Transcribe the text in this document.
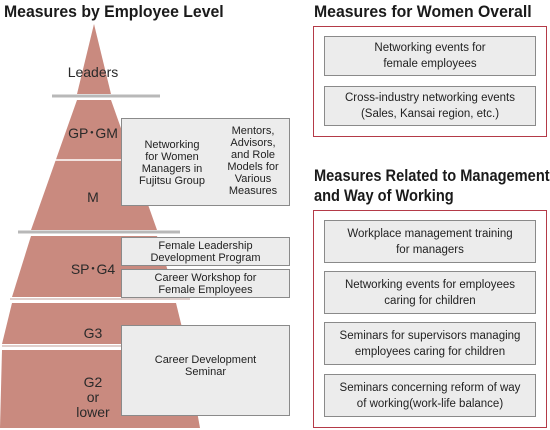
Measures by Employee Level
Leaders
GP･GM
M
SP･G4
G3
G2
or
lower
Networking
for Women
Managers in
Fujitsu Group
Mentors,
Advisors,
and Role
Models for
Various
Measures
Female Leadership
Development Program
Career Workshop for
Female Employees
Career Development
Seminar
Measures for Women Overall
Networking events for
female employees
Cross-industry networking events
(Sales, Kansai region, etc.)
Measures Related to Management
and Way of Working
Workplace management training
for managers
Networking events for employees
caring for children
Seminars for supervisors managing
employees caring for children
Seminars concerning reform of way
of working(work-life balance)
